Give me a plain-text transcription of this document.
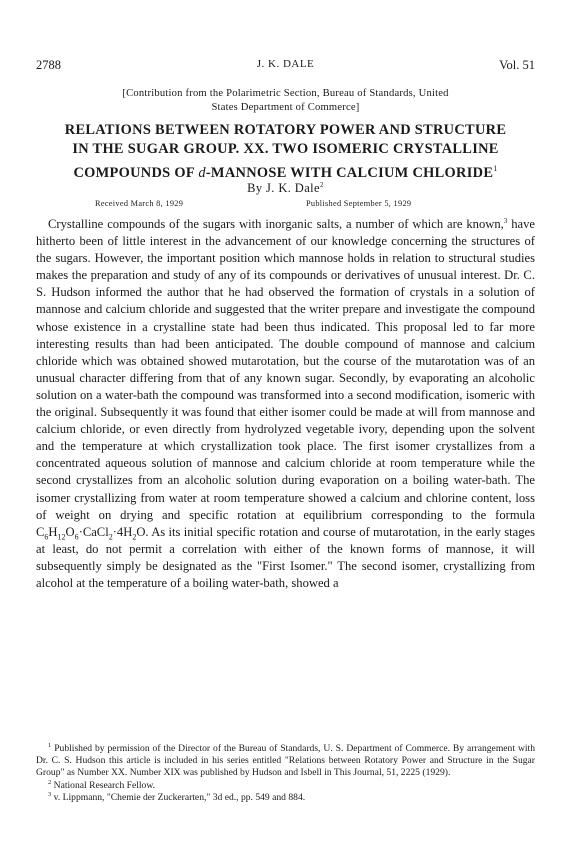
2788	J. K. DALE	Vol. 51
[Contribution from the Polarimetric Section, Bureau of Standards, United
States Department of Commerce]
RELATIONS BETWEEN ROTATORY POWER AND STRUCTURE
IN THE SUGAR GROUP. XX. TWO ISOMERIC CRYSTALLINE
COMPOUNDS OF d-MANNOSE WITH CALCIUM CHLORIDE$^1$
By J. K. Dale$^2$
Received March 8, 1929	Published September 5, 1929

Crystalline compounds of the sugars with inorganic salts, a number of which are known,$^3$ have hitherto been of little interest in the advancement of our knowledge concerning the structures of the sugars. However, the important position which mannose holds in relation to structural studies makes the preparation and study of any of its compounds or derivatives of unusual interest. Dr. C. S. Hudson informed the author that he had observed the formation of crystals in a solution of mannose and calcium chloride and suggested that the writer prepare and investigate the compound whose existence in a crystalline state had been thus indicated. This proposal led to far more interesting results than had been anticipated. The double compound of mannose and calcium chloride which was obtained showed mutarotation, but the course of the mutarotation was of an unusual character differing from that of any known sugar. Secondly, by evaporating an alcoholic solution on a water-bath the compound was transformed into a second modification, isomeric with the original. Subsequently it was found that either isomer could be made at will from mannose and calcium chloride, or even directly from hydrolyzed vegetable ivory, depending upon the solvent and the temperature at which crystallization took place. The first isomer crystallizes from a concentrated aqueous solution of mannose and calcium chloride at room temperature while the second crystallizes from an alcoholic solution during evaporation on a boiling water-bath. The isomer crystallizing from water at room temperature showed a calcium and chlorine content, loss of weight on drying and specific rotation at equilibrium corresponding to the formula $C_6H_{12}O_6\cdot CaCl_2\cdot 4H_2O$. As its initial specific rotation and course of mutarotation, in the early stages at least, do not permit a correlation with either of the known forms of mannose, it will subsequently simply be designated as the "First Isomer." The second isomer, crystallizing from alcohol at the temperature of a boiling water-bath, showed a

$^1$ Published by permission of the Director of the Bureau of Standards, U. S. Department of Commerce. By arrangement with Dr. C. S. Hudson this article is included in his series entitled "Relations between Rotatory Power and Structure in the Sugar Group" as Number XX. Number XIX was published by Hudson and Isbell in This Journal, 51, 2225 (1929).

$^2$ National Research Fellow.

$^3$ v. Lippmann, "Chemie der Zuckerarten," 3d ed., pp. 549 and 884.
